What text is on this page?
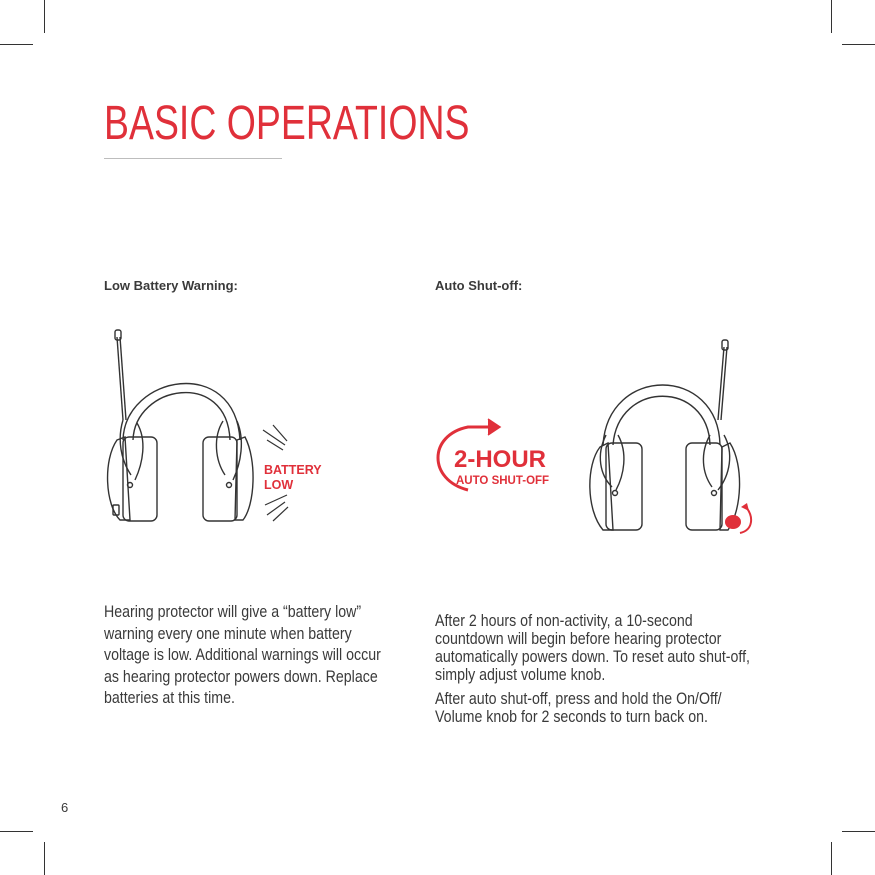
BASIC OPERATIONS
Low Battery Warning:	Auto Shut-off:
BATTERY
LOW
2-HOUR
AUTO SHUT-OFF

Hearing protector will give a “battery low” warning every one minute when battery voltage is low. Additional warnings will occur as hearing protector powers down. Replace batteries at this time.

After 2 hours of non-activity, a 10-second countdown will begin before hearing protector automatically powers down. To reset auto shut-off, simply adjust volume knob.

After auto shut-off, press and hold the On/Off/ Volume knob for 2 seconds to turn back on.

6
